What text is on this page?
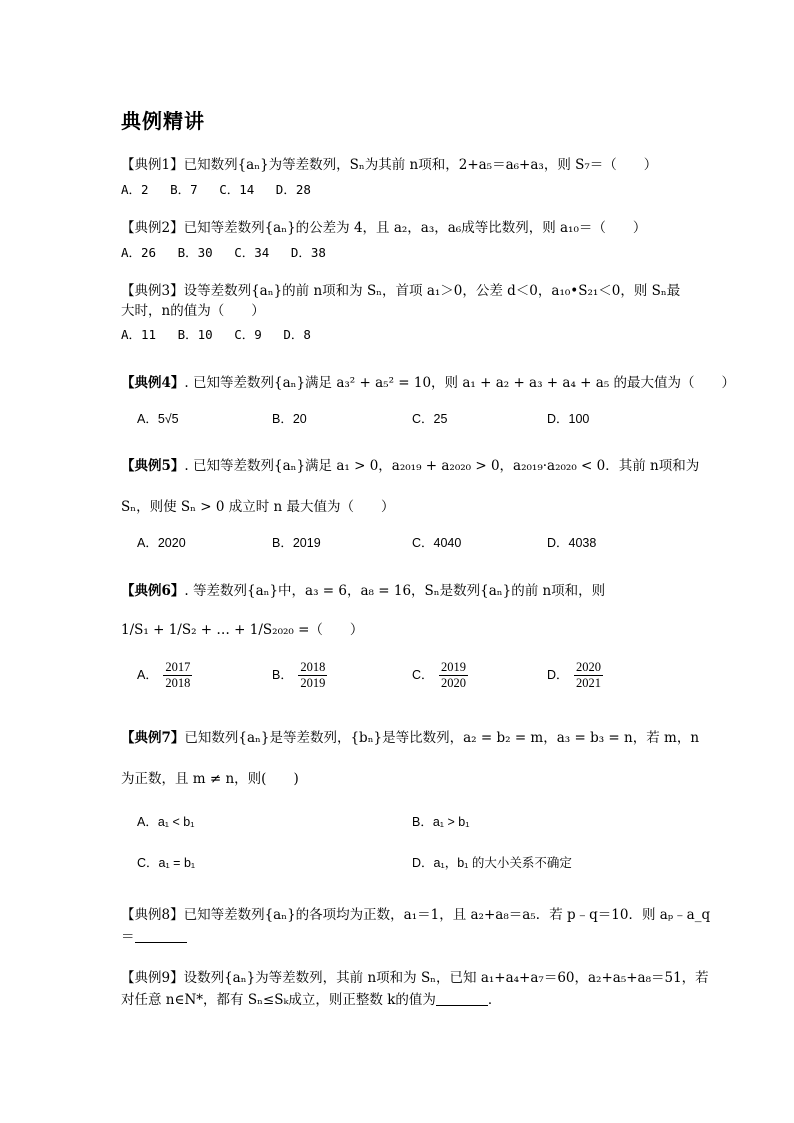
典例精讲
【典例1】已知数列{aₙ}为等差数列，Sₙ为其前 n项和，2+a₅＝a₆+a₃，则 S₇＝（　　）
A．2 B．7 C．14 D．28
【典例2】已知等差数列{aₙ}的公差为 4，且 a₂，a₃，a₆成等比数列，则 a₁₀＝（　　）
A．26 B．30 C．34 D．38
【典例3】设等差数列{aₙ}的前 n项和为 Sₙ，首项 a₁＞0，公差 d＜0，a₁₀•S₂₁＜0，则 Sₙ最
大时，n的值为（　　）
A．11 B．10 C．9 D．8
【典例4】. 已知等差数列{aₙ}满足 a₃² + a₅² = 10，则 a₁ + a₂ + a₃ + a₄ + a₅ 的最大值为（　　）
A．5√5	B．20	C．25	D．100
【典例5】. 已知等差数列{aₙ}满足 a₁ > 0，a₂₀₁₉ + a₂₀₂₀ > 0，a₂₀₁₉·a₂₀₂₀ < 0．其前 n项和为
Sₙ，则使 Sₙ > 0 成立时 n 最大值为（　　）
A．2020	B．2019	C．4040	D．4038
【典例6】. 等差数列{aₙ}中，a₃ = 6，a₈ = 16，Sₙ是数列{aₙ}的前 n项和，则
1/S₁ + 1/S₂ + … + 1/S₂₀₂₀ =（　　）
A． $\frac{2017}{2018}$	B． $\frac{2018}{2019}$	C． $\frac{2019}{2020}$	D． $\frac{2020}{2021}$
【典例7】已知数列{aₙ}是等差数列，{bₙ}是等比数列，a₂ = b₂ = m，a₃ = b₃ = n，若 m，n
为正数，且 m ≠ n，则(　　)
A．a₁ < b₁	B．a₁ > b₁
C．a₁ = b₁	D．a₁，b₁ 的大小关系不确定
【典例8】已知等差数列{aₙ}的各项均为正数，a₁＝1，且 a₂+a₈＝a₅．若 p﹣q＝10．则 aₚ﹣a_q
＝
【典例9】设数列{aₙ}为等差数列，其前 n项和为 Sₙ，已知 a₁+a₄+a₇＝60，a₂+a₅+a₈＝51，若
对任意 n∈N*，都有 Sₙ≤Sₖ成立，则正整数 k的值为	．
